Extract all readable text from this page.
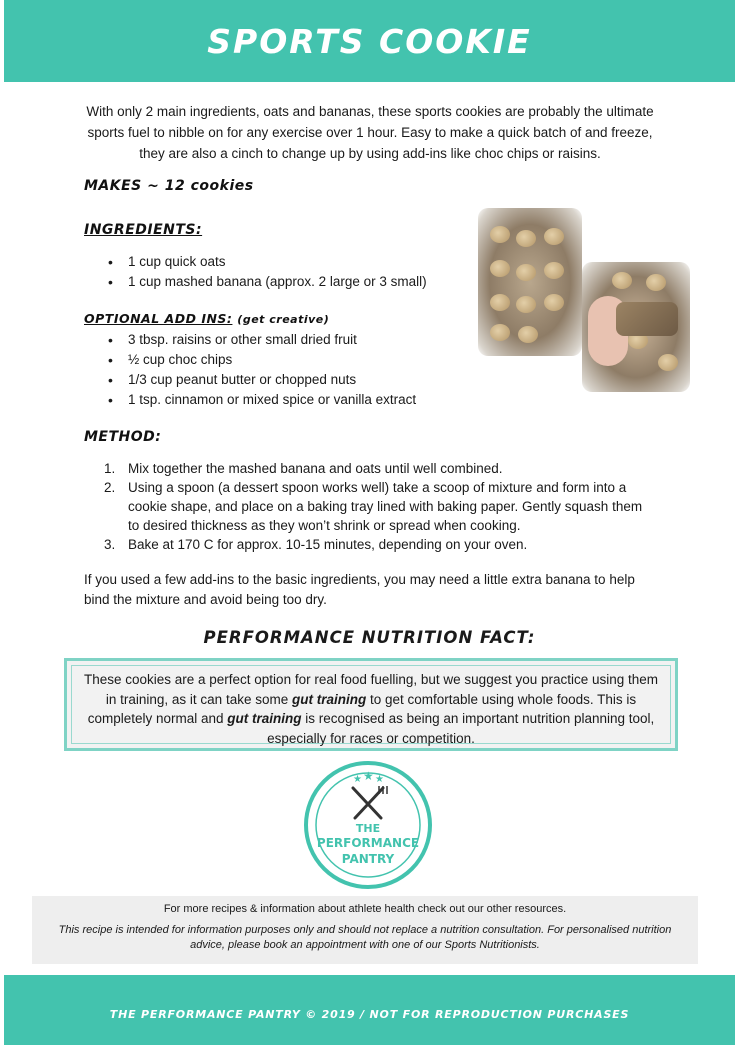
SPORTS COOKIE

With only 2 main ingredients, oats and bananas, these sports cookies are probably the ultimate sports fuel to nibble on for any exercise over 1 hour. Easy to make a quick batch of and freeze, they are also a cinch to change up by using add-ins like choc chips or raisins.

MAKES ~ 12 cookies
INGREDIENTS:
• 1 cup quick oats
• 1 cup mashed banana (approx. 2 large or 3 small)
OPTIONAL ADD INS: (get creative)
• 3 tbsp. raisins or other small dried fruit
• ½ cup choc chips
• 1/3 cup peanut butter or chopped nuts
• 1 tsp. cinnamon or mixed spice or vanilla extract
METHOD:
1. Mix together the mashed banana and oats until well combined.
2. Using a spoon (a dessert spoon works well) take a scoop of mixture and form into a cookie shape, and place on a baking tray lined with baking paper. Gently squash them to desired thickness as they won’t shrink or spread when cooking.
3. Bake at 170 C for approx. 10-15 minutes, depending on your oven.

If you used a few add-ins to the basic ingredients, you may need a little extra banana to help bind the mixture and avoid being too dry.

PERFORMANCE NUTRITION FACT:
These cookies are a perfect option for real food fuelling, but we suggest you practice using them in training, as it can take some gut training to get comfortable using whole foods. This is completely normal and gut training is recognised as being an important nutrition planning tool, especially for races or competition.
★ ★ ★
THE
PERFORMANCE
PANTRY
For more recipes & information about athlete health check out our other resources.
This recipe is intended for information purposes only and should not replace a nutrition consultation. For personalised nutrition advice, please book an appointment with one of our Sports Nutritionists.
THE PERFORMANCE PANTRY © 2019 / NOT FOR REPRODUCTION PURCHASES
